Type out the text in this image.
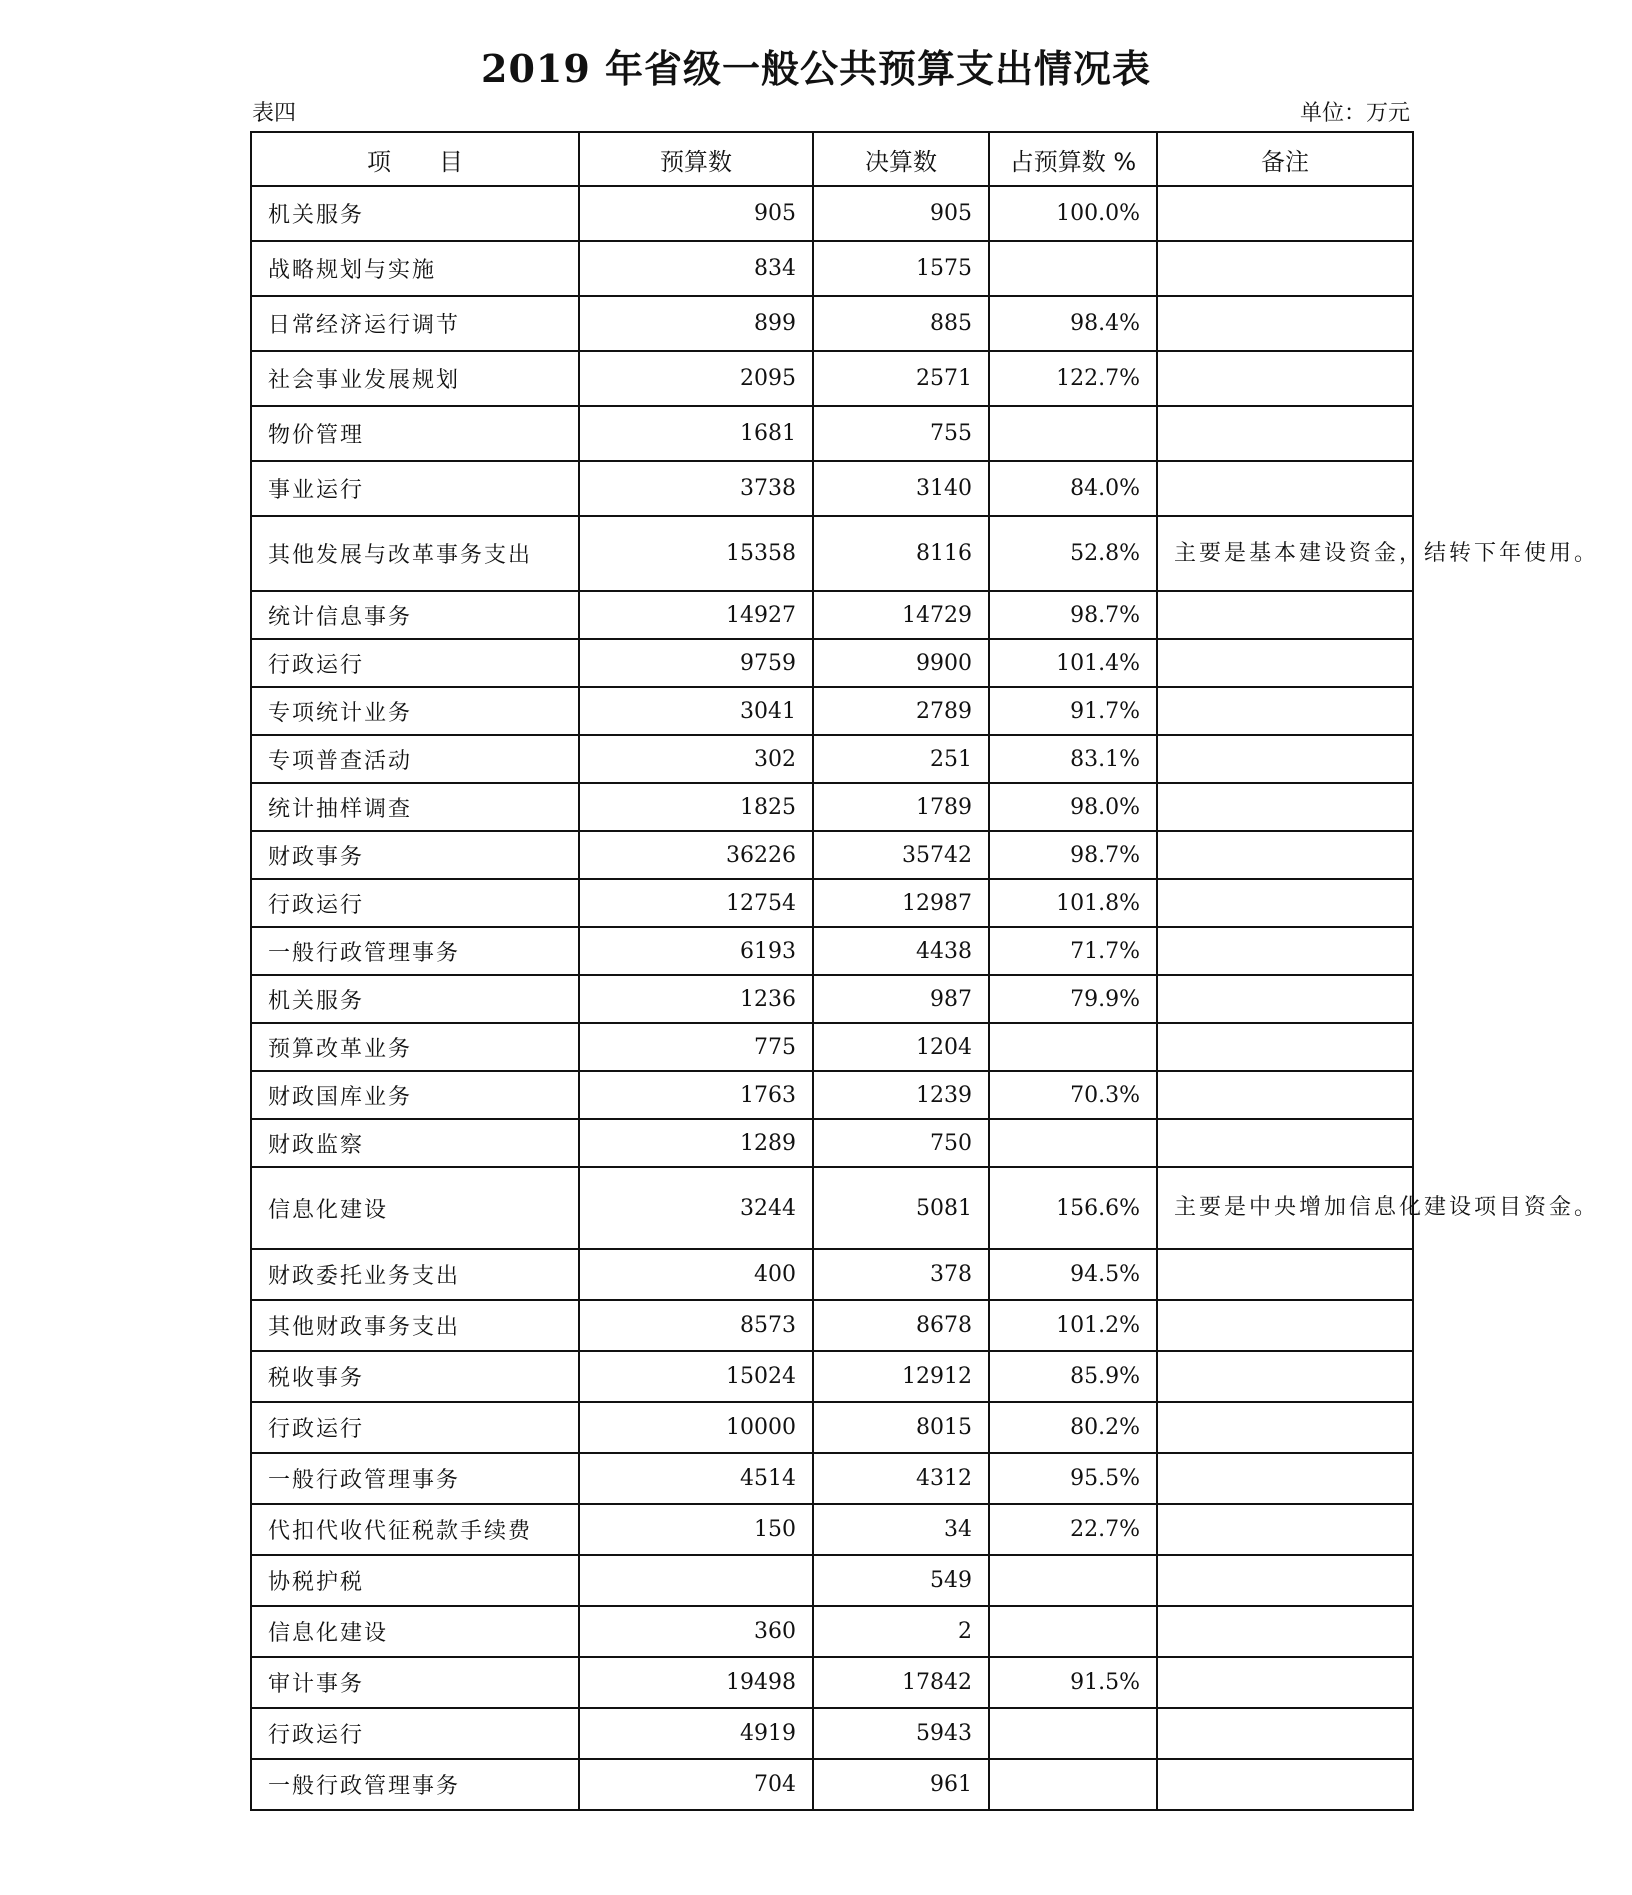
2019 年省级一般公共预算支出情况表
表四	单位：万元
项　　目	预算数	决算数	占预算数 %	备注
机关服务	905	905	100.0%	
战略规划与实施	834	1575		
日常经济运行调节	899	885	98.4%	
社会事业发展规划	2095	2571	122.7%	
物价管理	1681	755		
事业运行	3738	3140	84.0%	
其他发展与改革事务支出	15358	8116	52.8%	主要是基本建设资金，结转下年使用。
统计信息事务	14927	14729	98.7%	
行政运行	9759	9900	101.4%	
专项统计业务	3041	2789	91.7%	
专项普查活动	302	251	83.1%	
统计抽样调查	1825	1789	98.0%	
财政事务	36226	35742	98.7%	
行政运行	12754	12987	101.8%	
一般行政管理事务	6193	4438	71.7%	
机关服务	1236	987	79.9%	
预算改革业务	775	1204		
财政国库业务	1763	1239	70.3%	
财政监察	1289	750		
信息化建设	3244	5081	156.6%	主要是中央增加信息化建设项目资金。
财政委托业务支出	400	378	94.5%	
其他财政事务支出	8573	8678	101.2%	
税收事务	15024	12912	85.9%	
行政运行	10000	8015	80.2%	
一般行政管理事务	4514	4312	95.5%	
代扣代收代征税款手续费	150	34	22.7%	
协税护税		549		
信息化建设	360	2		
审计事务	19498	17842	91.5%	
行政运行	4919	5943		
一般行政管理事务	704	961		
